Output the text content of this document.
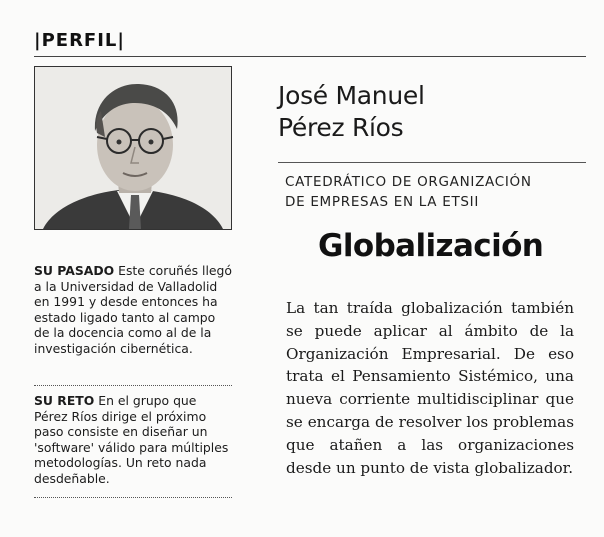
|PERFIL|
José Manuel
Pérez Ríos
CATEDRÁTICO DE ORGANIZACIÓN
DE EMPRESAS EN LA ETSII
Globalización

La tan traída globalización también se puede aplicar al ámbito de la Organización Empresarial. De eso trata el Pensamiento Sistémico, una nueva corriente multidisciplinar que se encarga de resolver los problemas que atañen a las organizaciones desde un punto de vista globalizador.

SU PASADO Este coruñés llegó a la Universidad de Valladolid en 1991 y desde entonces ha estado ligado tanto al campo de la docencia como al de la investigación cibernética.

SU RETO En el grupo que Pérez Ríos dirige el próximo paso consiste en diseñar un 'software' válido para múltiples metodologías. Un reto nada desdeñable.
